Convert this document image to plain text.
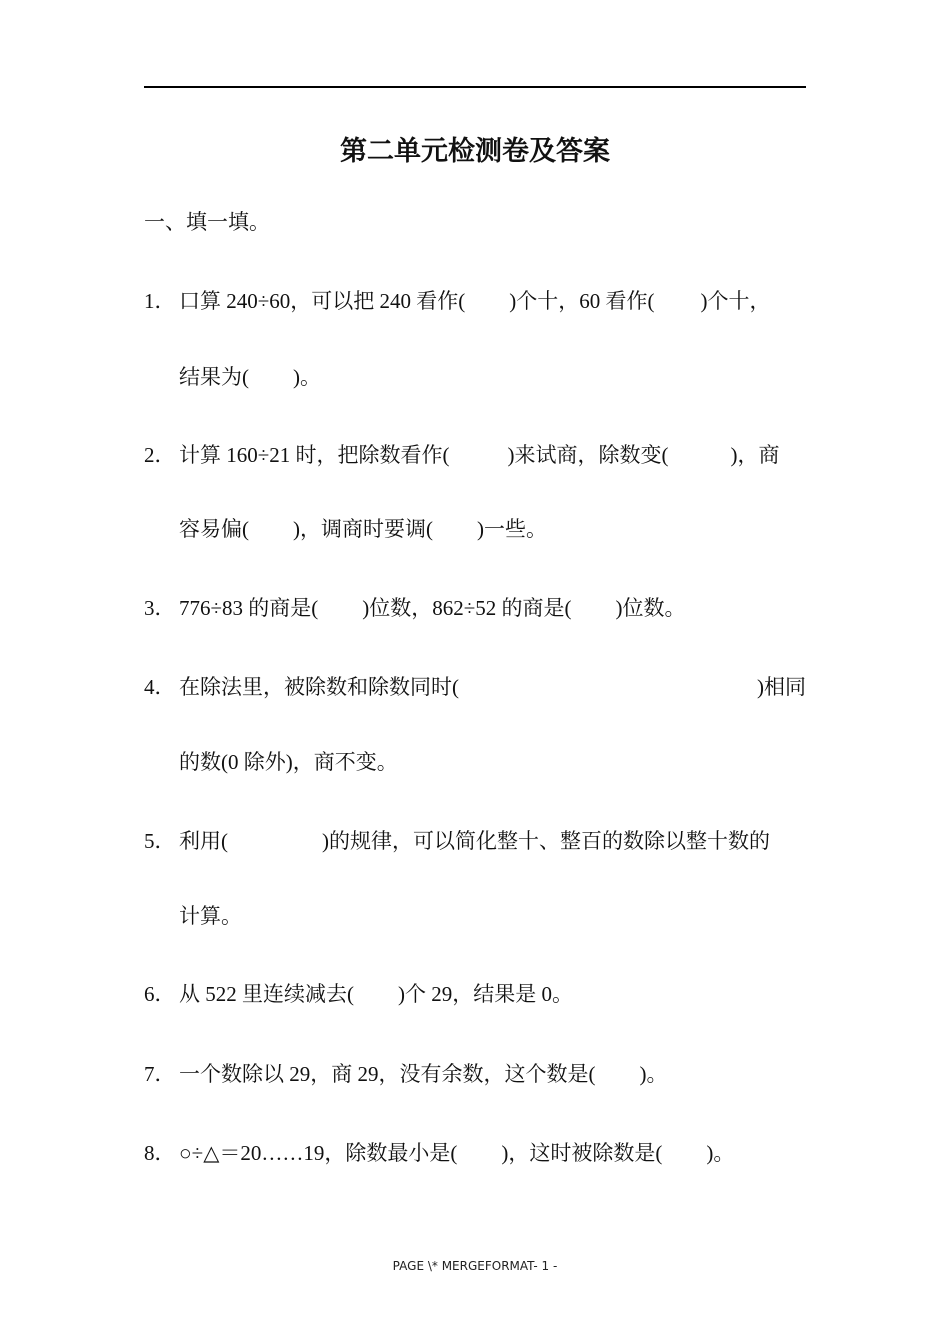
第二单元检测卷及答案
一、填一填。
1． 口算 240÷60，可以把 240 看作( )个十，60 看作( )个十，
结果为( )。
2． 计算 160÷21 时，把除数看作(	)来试商，除数变(	)，商
容易偏( )，调商时要调( )一些。
3． 776÷83 的商是( )位数，862÷52 的商是( )位数。
4． 在除法里，被除数和除数同时(	)相同
的数(0 除外)，商不变。
5． 利用(	)的规律，可以简化整十、整百的数除以整十数的
计算。
6． 从 522 里连续减去( )个 29，结果是 0。
7． 一个数除以 29，商 29，没有余数，这个数是( )。
8． ○÷△＝20……19，除数最小是( )，这时被除数是( )。
PAGE \* MERGEFORMAT- 1 -
